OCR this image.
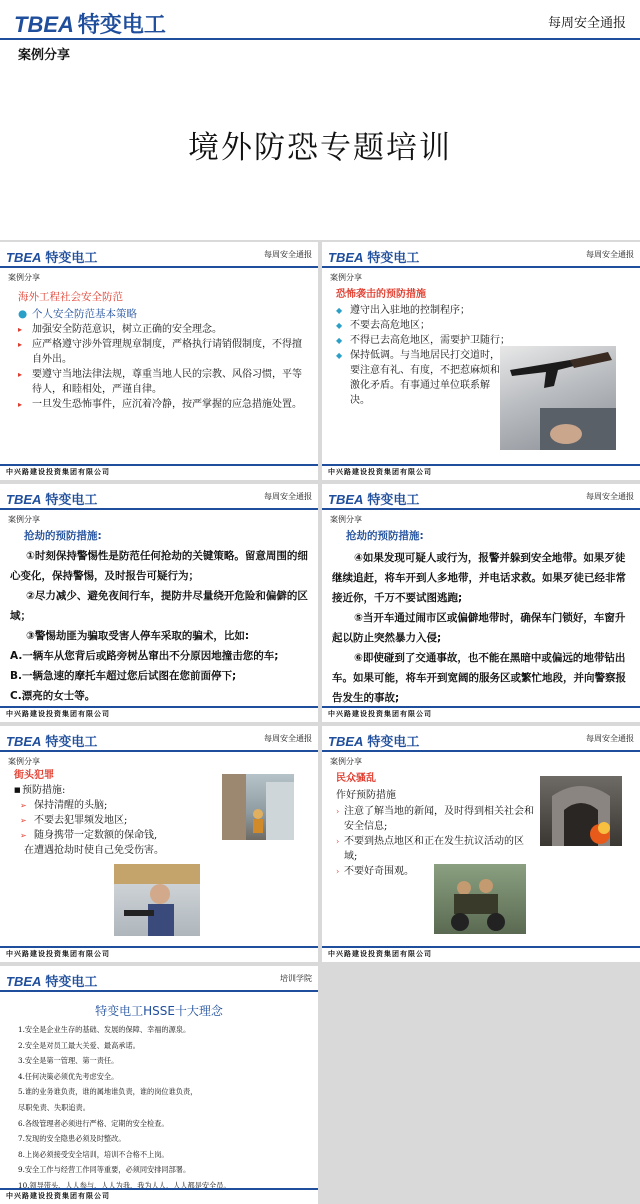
TBEA 特变电工	每周安全通报
案例分享
境外防恐专题培训
TBEA 特变电工	每周安全通报
案例分享
海外工程社会安全防范
● 个人安全防范基本策略
▸ 加强安全防范意识，树立正确的安全理念。
▸ 应严格遵守涉外管理规章制度，严格执行请销假制度，不得擅自外出。
▸ 要遵守当地法律法规，尊重当地人民的宗教、风俗习惯，平等待人，和睦相处，严谨自律。
▸ 一旦发生恐怖事件，应沉着冷静，按严掌握的应急措施处置。
中兴路建设投资集团有限公司
TBEA 特变电工	每周安全通报
案例分享
恐怖袭击的预防措施
◆ 遵守出入驻地的控制程序；
◆ 不要去高危地区；
◆ 不得已去高危地区，需要护卫随行；
◆ 保持低调。与当地居民打交道时，要注意有礼、有度，不把惹麻烦和激化矛盾。有事通过单位联系解决。
中兴路建设投资集团有限公司
TBEA 特变电工	每周安全通报
案例分享
抢劫的预防措施:
①时刻保持警惕性是防范任何抢劫的关键策略。留意周围的细心变化，保持警惕，及时报告可疑行为；
②尽力减少、避免夜间行车，提防井尽量绕开危险和偏僻的区域；
③警惕劫匪为骗取受害人停车采取的骗术，比如:
A.一辆车从您背后或路旁树丛窜出不分原因地撞击您的车;
B.一辆急速的摩托车超过您后试图在您前面停下;
C.漂亮的女士等。
中兴路建设投资集团有限公司
TBEA 特变电工	每周安全通报
案例分享
抢劫的预防措施:
④如果发现可疑人或行为，报警并躲到安全地带。如果歹徒继续追赶，将车开到人多地带，并电话求救。如果歹徒已经非常接近你，千万不要试图逃跑;
⑤当开车通过闹市区或偏僻地带时，确保车门锁好，车窗升起以防止突然暴力入侵;
⑥即使碰到了交通事故，也不能在黑暗中或偏远的地带钻出车。如果可能，将车开到宽阔的服务区或繁忙地段，并向警察报告发生的事故;
中兴路建设投资集团有限公司
TBEA 特变电工	每周安全通报
案例分享
街头犯罪
■ 预防措施:
➢ 保持清醒的头脑;
➢ 不要去犯罪频发地区;
➢ 随身携带一定数额的保命钱,
在遭遇抢劫时使自己免受伤害。
中兴路建设投资集团有限公司
TBEA 特变电工	每周安全通报
案例分享
民众骚乱
作好预防措施
› 注意了解当地的新闻，及时得到相关社会和安全信息;
› 不要到热点地区和正在发生抗议活动的区域;
› 不要好奇围观。
中兴路建设投资集团有限公司
TBEA 特变电工	培训学院
特变电工HSSE十大理念
1.安全是企业生存的基础、发展的保障、幸福的源泉。
2.安全是对员工最大关爱、最高承诺。
3.安全是第一管理、第一责任。
4.任何决策必须优先考虑安全。
5.谁的业务谁负责，谁的属地谁负责，谁的岗位谁负责，
尽职免责、失职追责。
6.各级管理者必须进行严格、定期的安全检查。
7.发现的安全隐患必须及时整改。
8.上岗必须接受安全培训，培训不合格不上岗。
9.安全工作与经营工作同等重要，必须同安排同部署。
10.领导带头、人人参与、人人为我、我为人人，人人都是安全员。
中兴路建设投资集团有限公司
